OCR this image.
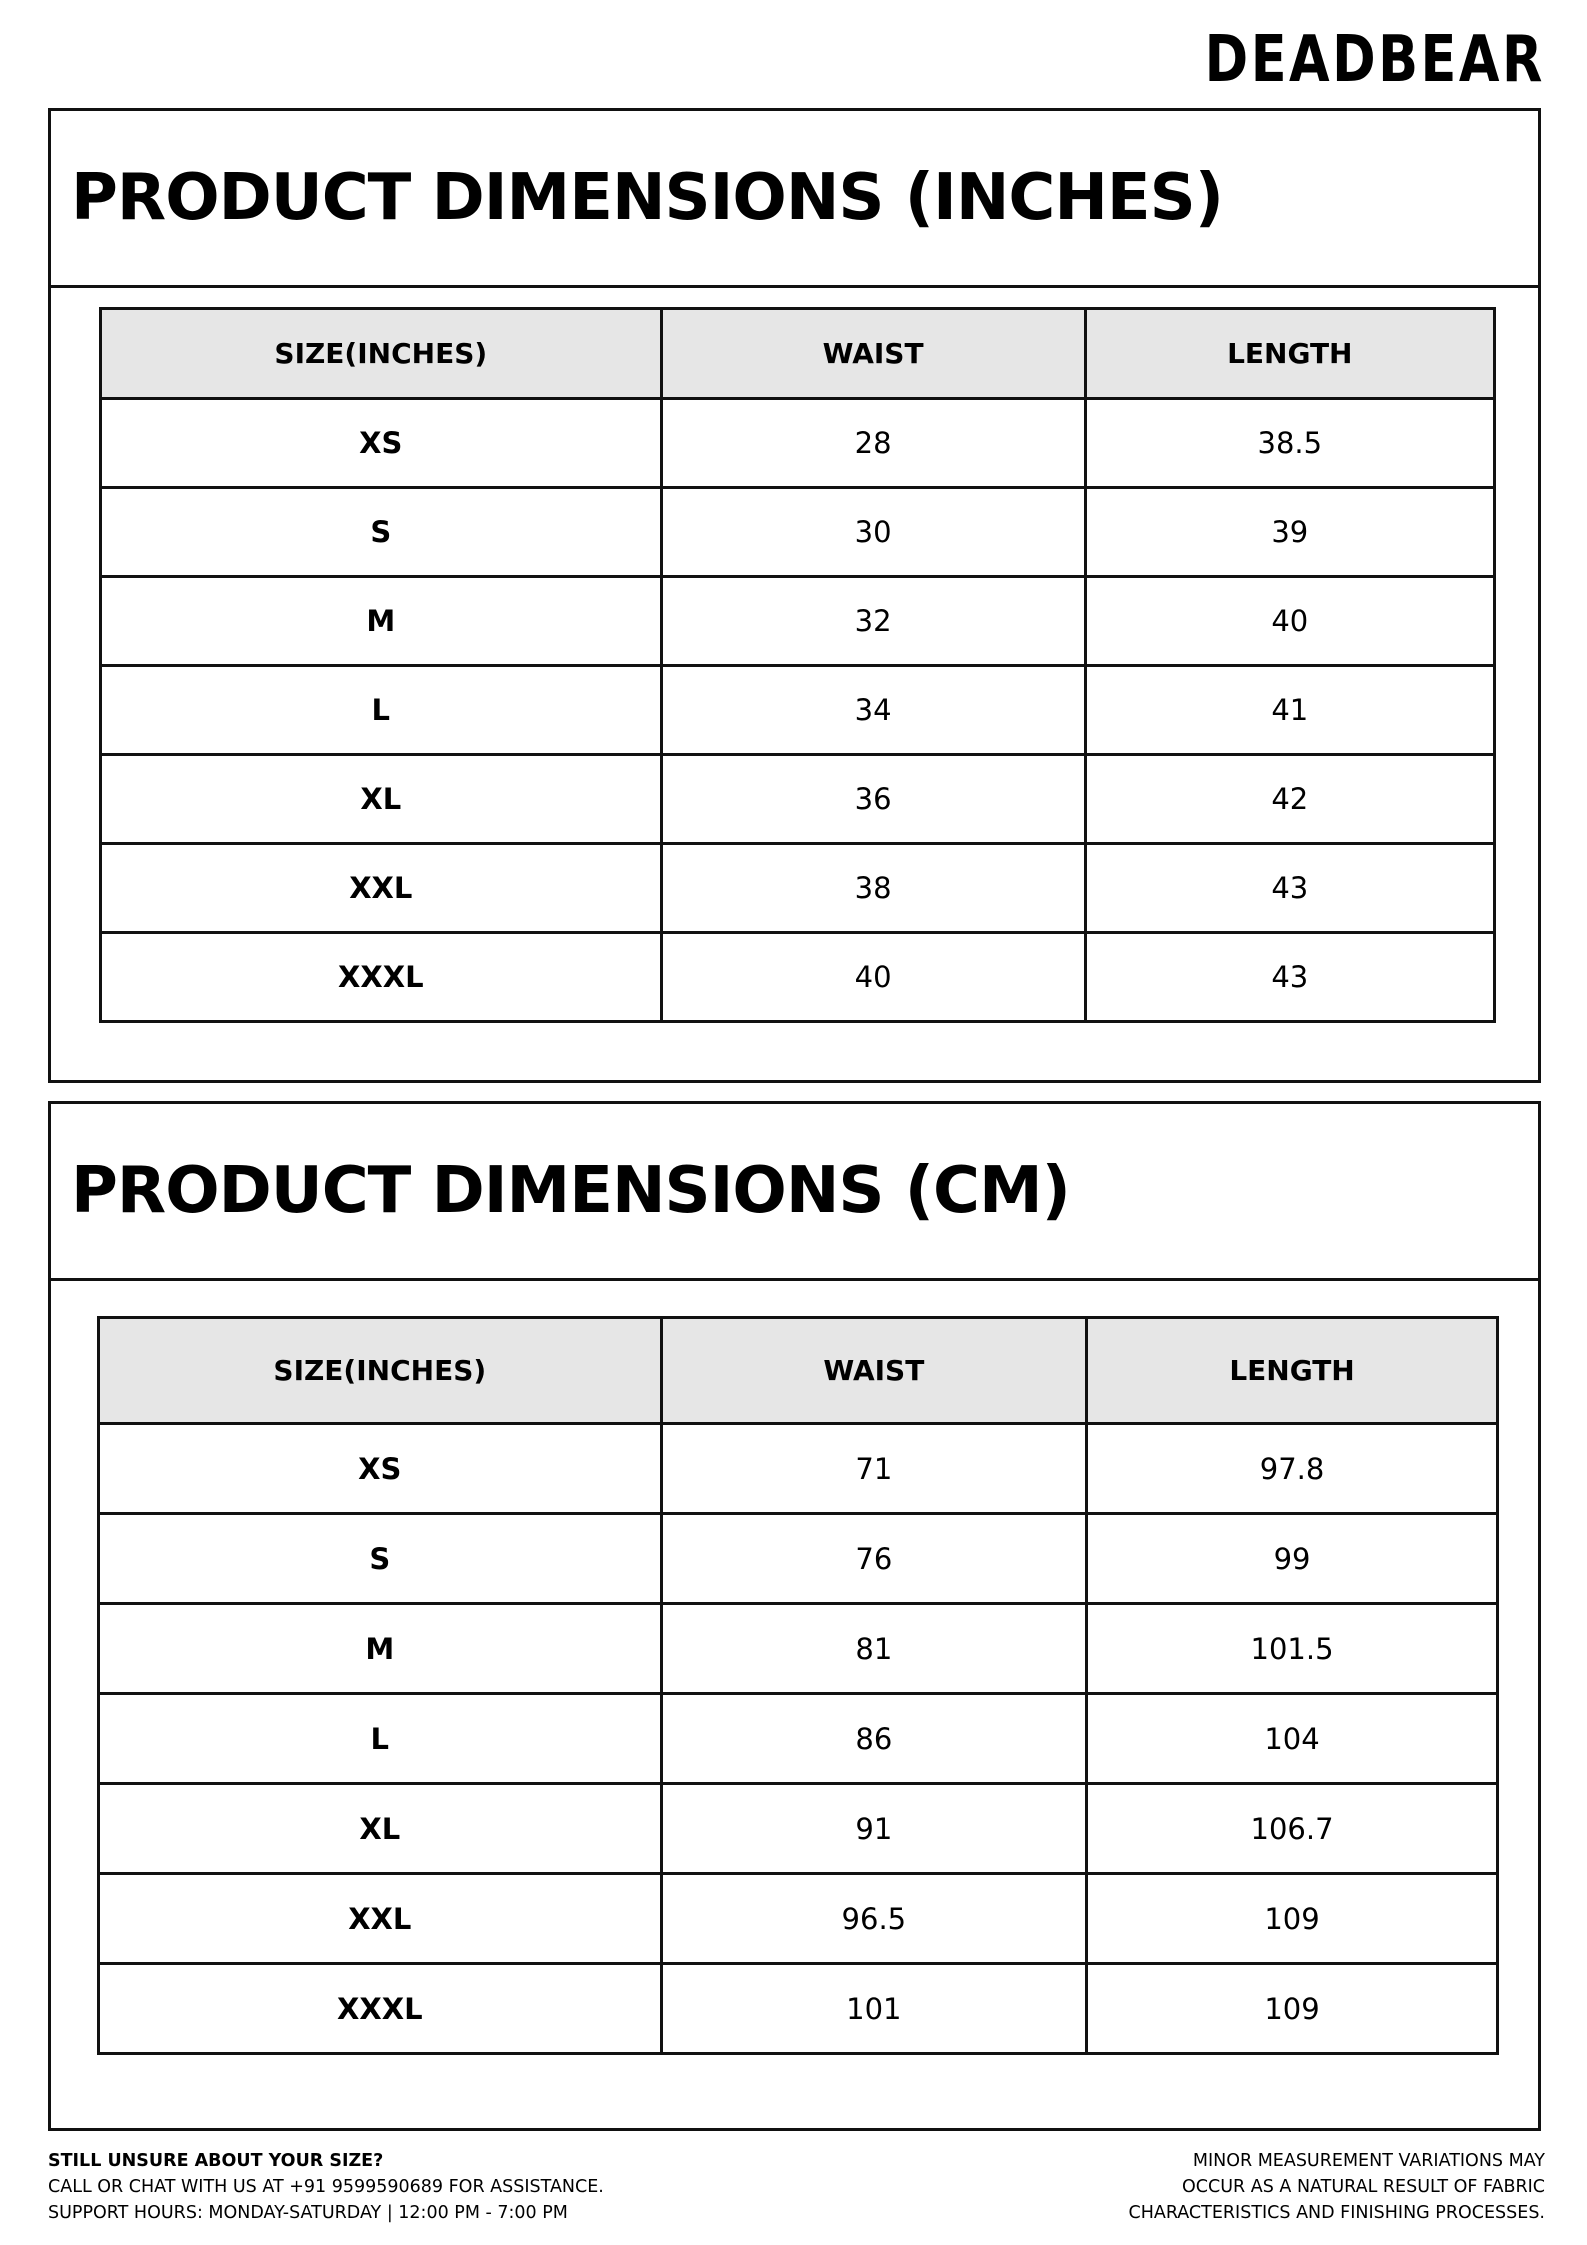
DEADBEAR
PRODUCT DIMENSIONS (INCHES)
SIZE(INCHES)	WAIST	LENGTH
XS	28	38.5
S	30	39
M	32	40
L	34	41
XL	36	42
XXL	38	43
XXXL	40	43
PRODUCT DIMENSIONS (CM)
SIZE(INCHES)	WAIST	LENGTH
XS	71	97.8
S	76	99
M	81	101.5
L	86	104
XL	91	106.7
XXL	96.5	109
XXXL	101	109
STILL UNSURE ABOUT YOUR SIZE?
CALL OR CHAT WITH US AT +91 9599590689 FOR ASSISTANCE.
SUPPORT HOURS: MONDAY-SATURDAY | 12:00 PM - 7:00 PM
MINOR MEASUREMENT VARIATIONS MAY
OCCUR AS A NATURAL RESULT OF FABRIC
CHARACTERISTICS AND FINISHING PROCESSES.
